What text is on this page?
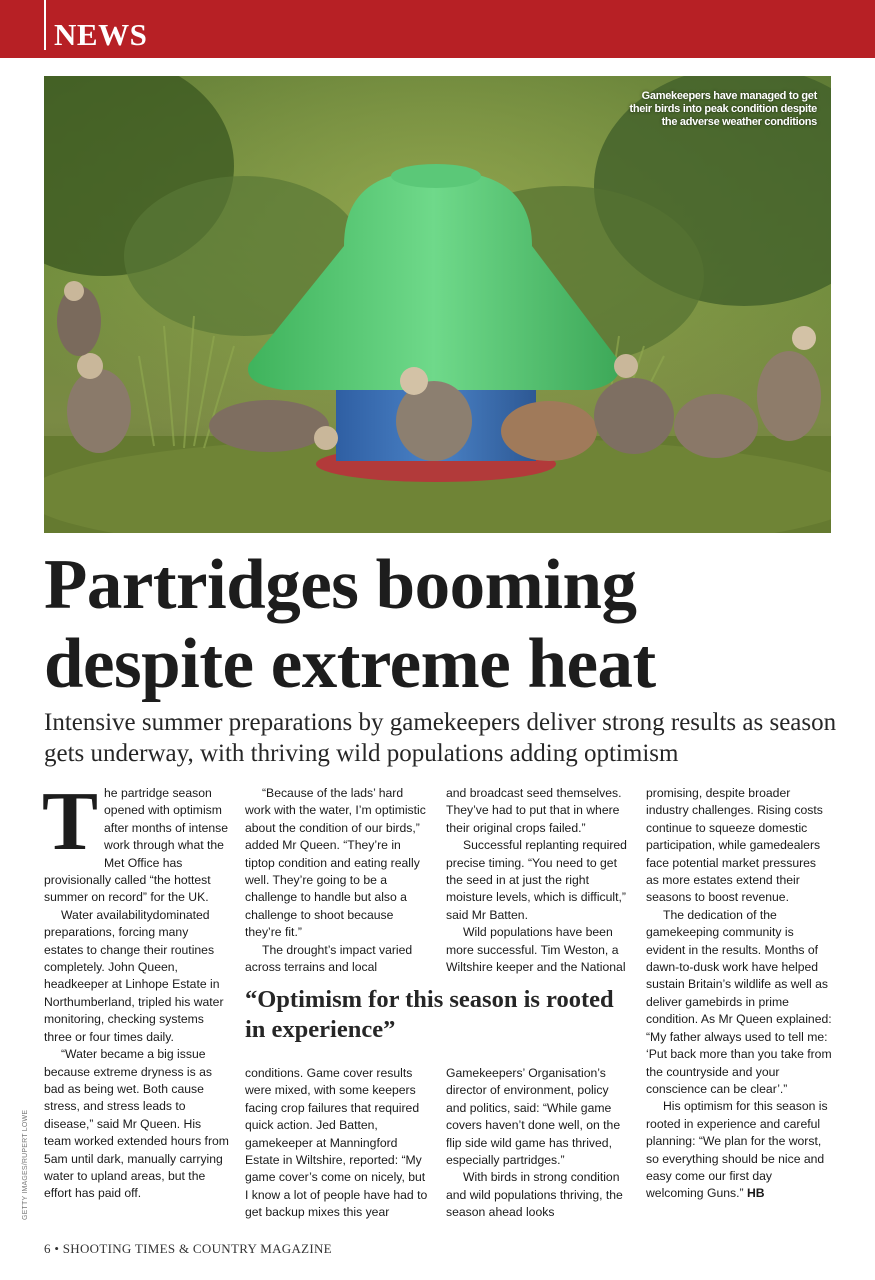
NEWS
Gamekeepers have managed to get
their birds into peak condition despite
the adverse weather conditions
Partridges booming
despite extreme heat
Intensive summer preparations by gamekeepers deliver strong results as season gets underway, with thriving wild populations adding optimism

The partridge season opened with optimism after months of intense work through what the Met Office has provisionally called “the hottest summer on record” for the UK.

Water availabilitydominated preparations, forcing many estates to change their routines completely. John Queen, headkeeper at Linhope Estate in Northumberland, tripled his water monitoring, checking systems three or four times daily.

“Water became a big issue because extreme dryness is as bad as being wet. Both cause stress, and stress leads to disease,” said Mr Queen. His team worked extended hours from 5am until dark, manually carrying water to upland areas, but the effort has paid off.

“Because of the lads’ hard work with the water, I’m optimistic about the condition of our birds,” added Mr Queen. “They’re in tiptop condition and eating really well. They’re going to be a challenge to handle but also a challenge to shoot because they’re fit.”

The drought’s impact varied across terrains and local

conditions. Game cover results were mixed, with some keepers facing crop failures that required quick action. Jed Batten, gamekeeper at Manningford Estate in Wiltshire, reported: “My game cover’s come on nicely, but I know a lot of people have had to get backup mixes this year

and broadcast seed themselves. They’ve had to put that in where their original crops failed.”

Successful replanting required precise timing. “You need to get the seed in at just the right moisture levels, which is difficult,” said Mr Batten.

Wild populations have been more successful. Tim Weston, a Wiltshire keeper and the National

Gamekeepers’ Organisation’s director of environment, policy and politics, said: “While game covers haven’t done well, on the flip side wild game has thrived, especially partridges.”

With birds in strong condition and wild populations thriving, the season ahead looks

promising, despite broader industry challenges. Rising costs continue to squeeze domestic participation, while gamedealers face potential market pressures as more estates extend their seasons to boost revenue.

The dedication of the gamekeeping community is evident in the results. Months of dawn-to-dusk work have helped sustain Britain’s wildlife as well as deliver gamebirds in prime condition. As Mr Queen explained: “My father always used to tell me: ‘Put back more than you take from the countryside and your conscience can be clear’.”

His optimism for this season is rooted in experience and careful planning: “We plan for the worst, so everything should be nice and easy come our first day welcoming Guns.” HB

“Optimism for this season is rooted in experience”
GETTY IMAGES/RUPERT LOWE
6 • SHOOTING TIMES & COUNTRY MAGAZINE
